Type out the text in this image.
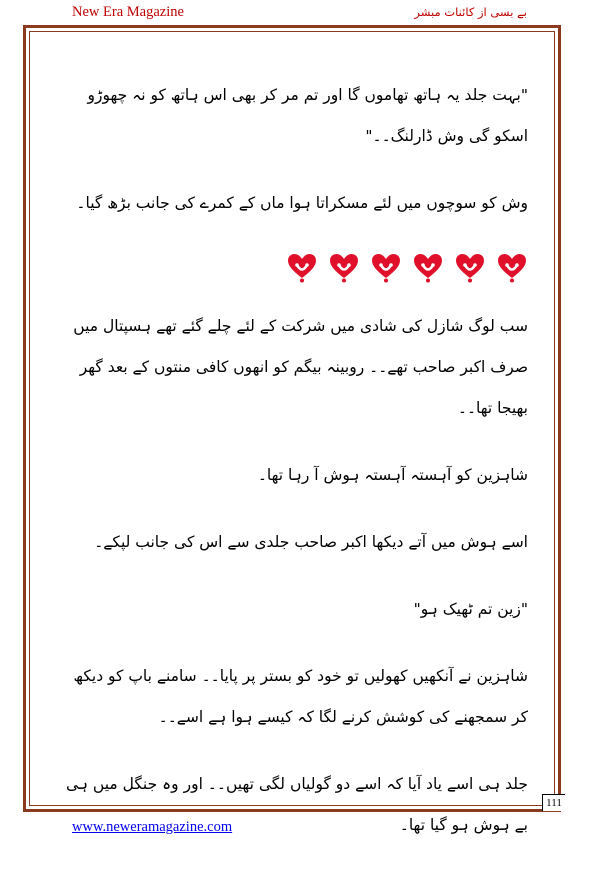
New Era Magazine	بے بسی از کائنات مبشر

"بہت جلد یہ ہاتھ تھاموں گا اور تم مر کر بھی اس ہاتھ کو نہ چھوڑو اسکو گی وش ڈارلنگ۔۔"

وش کو سوچوں میں لئے مسکراتا ہوا ماں کے کمرے کی جانب بڑھ گیا۔

سب لوگ شازل کی شادی میں شرکت کے لئے چلے گئے تھے ہسپتال میں صرف اکبر صاحب تھے۔۔ روبینہ بیگم کو انھوں کافی منتوں کے بعد گھر بھیجا تھا۔۔

شاہزین کو آہستہ آہستہ ہوش آ رہا تھا۔

اسے ہوش میں آتے دیکھا اکبر صاحب جلدی سے اس کی جانب لپکے۔

"زین تم ٹھیک ہو"

شاہزین نے آنکھیں کھولیں تو خود کو بستر پر پایا۔۔ سامنے باپ کو دیکھ کر سمجھنے کی کوشش کرنے لگا کہ کیسے ہوا ہے اسے۔۔

جلد ہی اسے یاد آیا کہ اسے دو گولیاں لگی تھیں۔۔ اور وہ جنگل میں ہی بے ہوش ہو گیا تھا۔

111
www.neweramagazine.com
